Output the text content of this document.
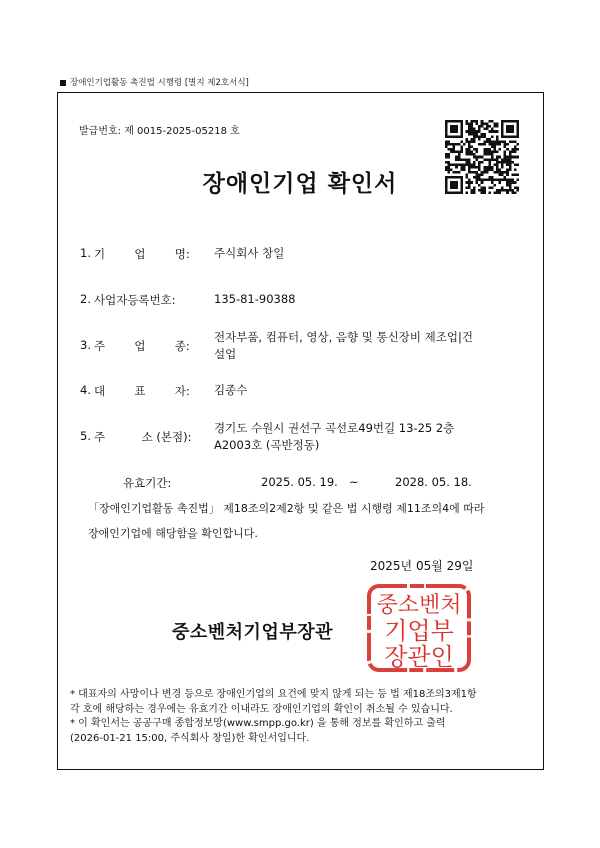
장애인기업활동 촉진법 시행령 [별지 제2호서식]
발급번호: 제 0015-2025-05218 호
장애인기업 확인서
1. 기        업        명: 주식회사 창일
2. 사업자등록번호:	135-81-90388
3. 주        업        종:
전자부품, 컴퓨터, 영상, 음향 및 통신장비 제조업|건
설업
4. 대        표        자: 김종수
5. 주          소 (본점):
경기도 수원시 권선구 곡선로49번길 13-25 2층
A2003호 (곡반정동)
유효기간:	2025. 05. 19. ~	2028. 05. 18.
「장애인기업활동 촉진법」 제18조의2제2항 및 같은 법 시행령 제11조의4에 따라
장애인기업에 해당함을 확인합니다.
2025년 05월 29일
중소벤처기업부장관
중소벤처
기업부
장관인
* 대표자의 사망이나 변경 등으로 장애인기업의 요건에 맞지 않게 되는 등 법 제18조의3제1항
각 호에 해당하는 경우에는 유효기간 이내라도 장애인기업의 확인이 취소될 수 있습니다.
* 이 확인서는 공공구매 종합정보망(www.smpp.go.kr) 을 통해 정보를 확인하고 출력
(2026-01-21 15:00, 주식회사 창일)한 확인서입니다.
